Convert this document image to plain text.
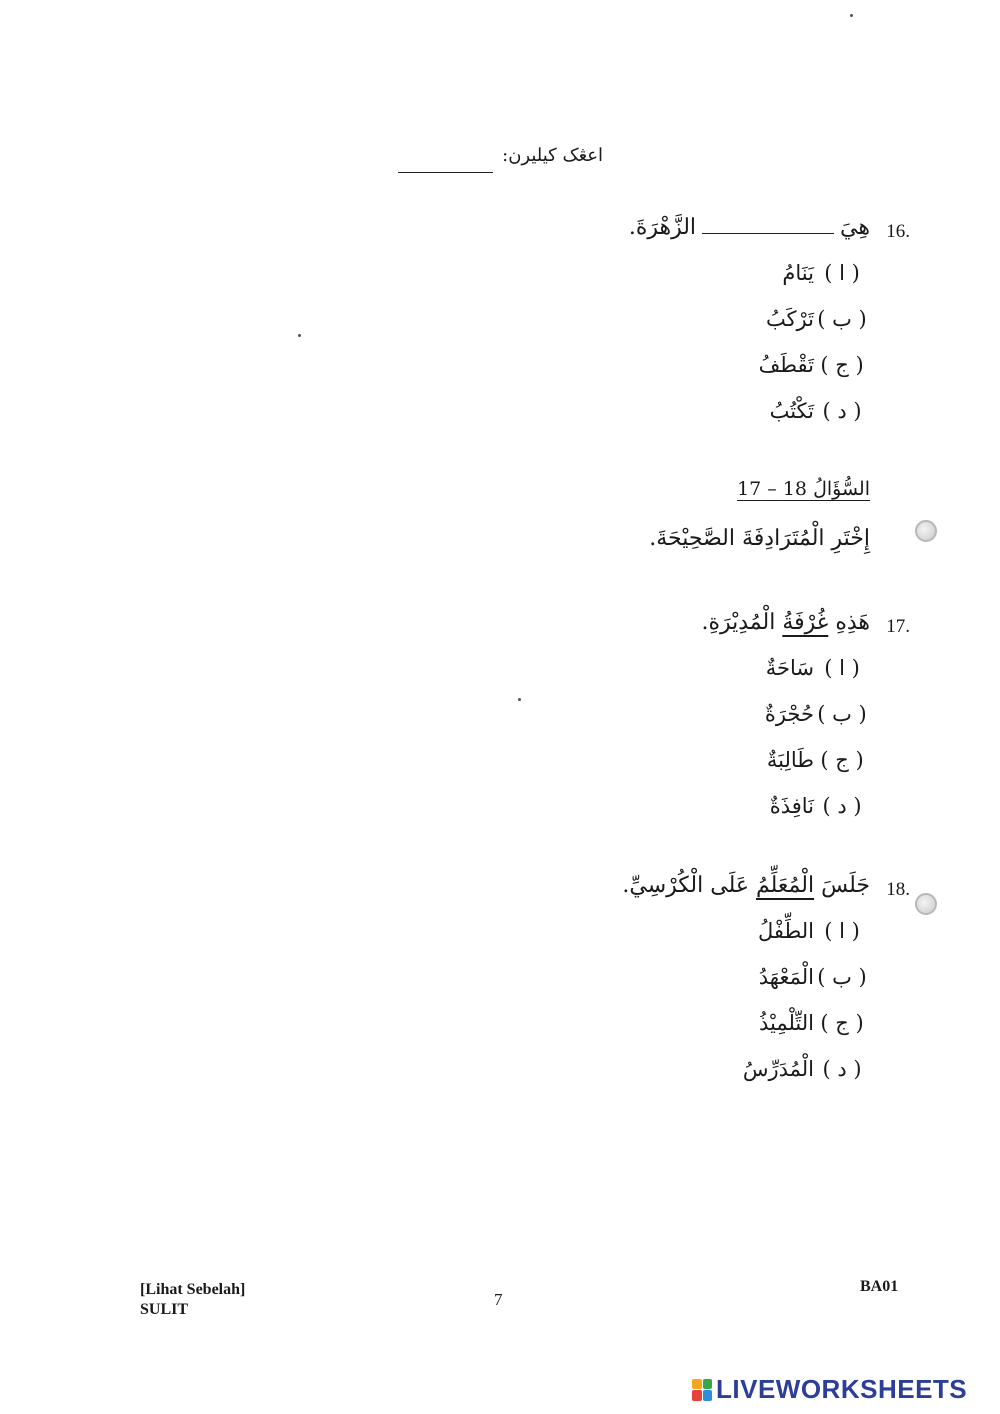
اعڠک کيليرن:
16.
هِيَالزَّهْرَةَ.
( ا )يَنَامُ
( ب )تَرْكَبُ
( ج )تَقْطَفُ
( د )تَكْتُبُ
السُّؤَالُ 18 – 17
إِخْتَرِ الْمُتَرَادِفَةَ الصَّحِيْحَةَ.
17.
هَذِهِ غُرْفَةُ الْمُدِيْرَةِ.
( ا )سَاحَةٌ
( ب )حُجْرَةٌ
( ج )طَالِبَةٌ
( د )نَافِذَةٌ
18.
جَلَسَ الْمُعَلِّمُ عَلَى الْكُرْسِيِّ.
( ا )الطِّفْلُ
( ب )الْمَعْهَدُ
( ج )التِّلْمِيْذُ
( د )الْمُدَرِّسُ
[Lihat Sebelah]
SULIT
7
BA01
LIVEWORKSHEETS
